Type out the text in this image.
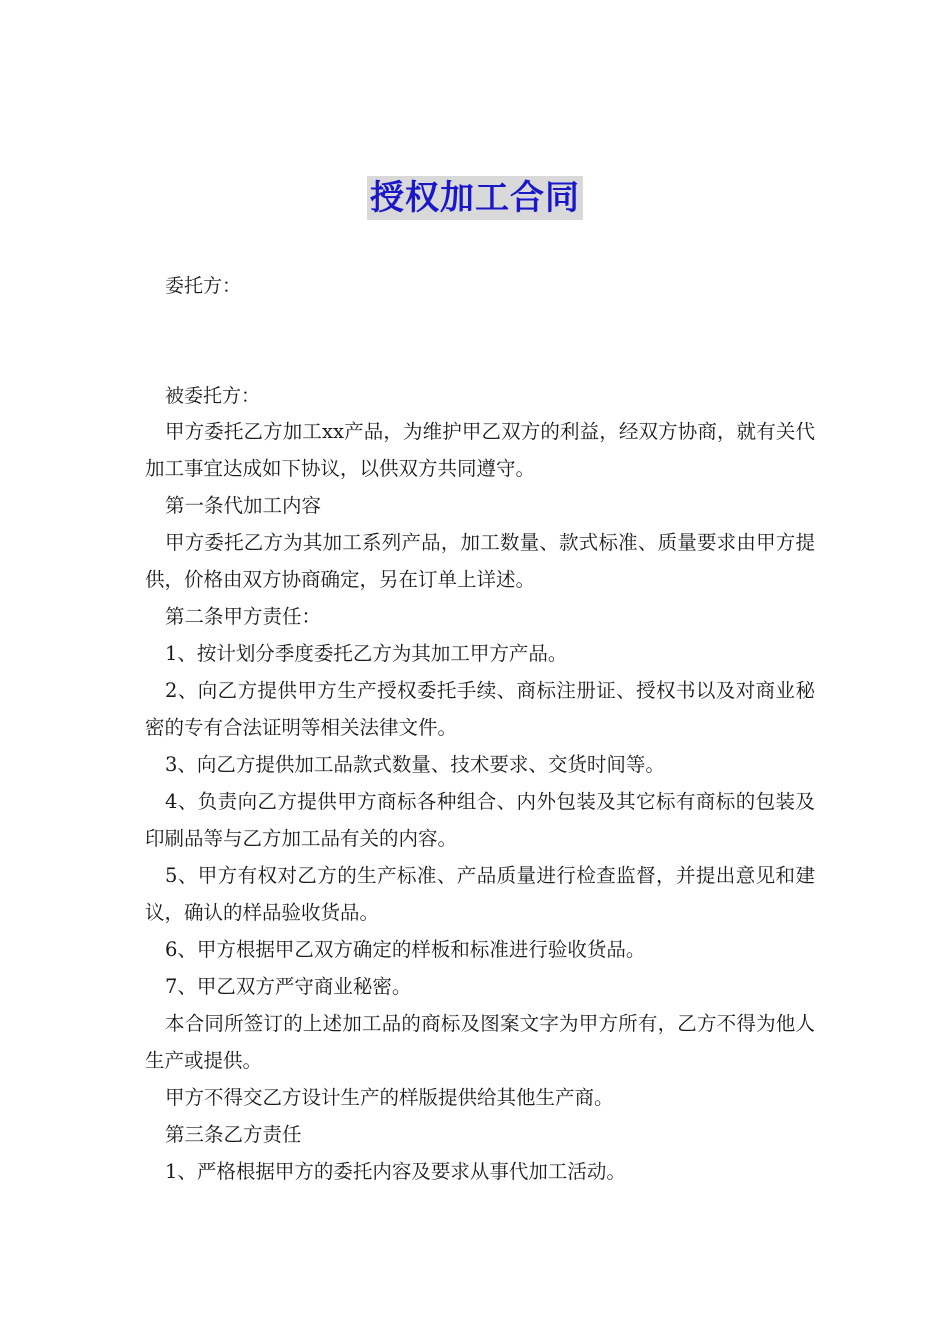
授权加工合同
委托方：
被委托方：

甲方委托乙方加工xx产品，为维护甲乙双方的利益，经双方协商，就有关代加工事宜达成如下协议，以供双方共同遵守。

第一条代加工内容

甲方委托乙方为其加工系列产品，加工数量、款式标准、质量要求由甲方提供，价格由双方协商确定，另在订单上详述。

第二条甲方责任：

1、按计划分季度委托乙方为其加工甲方产品。

2、向乙方提供甲方生产授权委托手续、商标注册证、授权书以及对商业秘密的专有合法证明等相关法律文件。

3、向乙方提供加工品款式数量、技术要求、交货时间等。

4、负责向乙方提供甲方商标各种组合、内外包装及其它标有商标的包装及印刷品等与乙方加工品有关的内容。

5、甲方有权对乙方的生产标准、产品质量进行检查监督，并提出意见和建议，确认的样品验收货品。

6、甲方根据甲乙双方确定的样板和标准进行验收货品。

7、甲乙双方严守商业秘密。

本合同所签订的上述加工品的商标及图案文字为甲方所有，乙方不得为他人生产或提供。

甲方不得交乙方设计生产的样版提供给其他生产商。

第三条乙方责任

1、严格根据甲方的委托内容及要求从事代加工活动。
